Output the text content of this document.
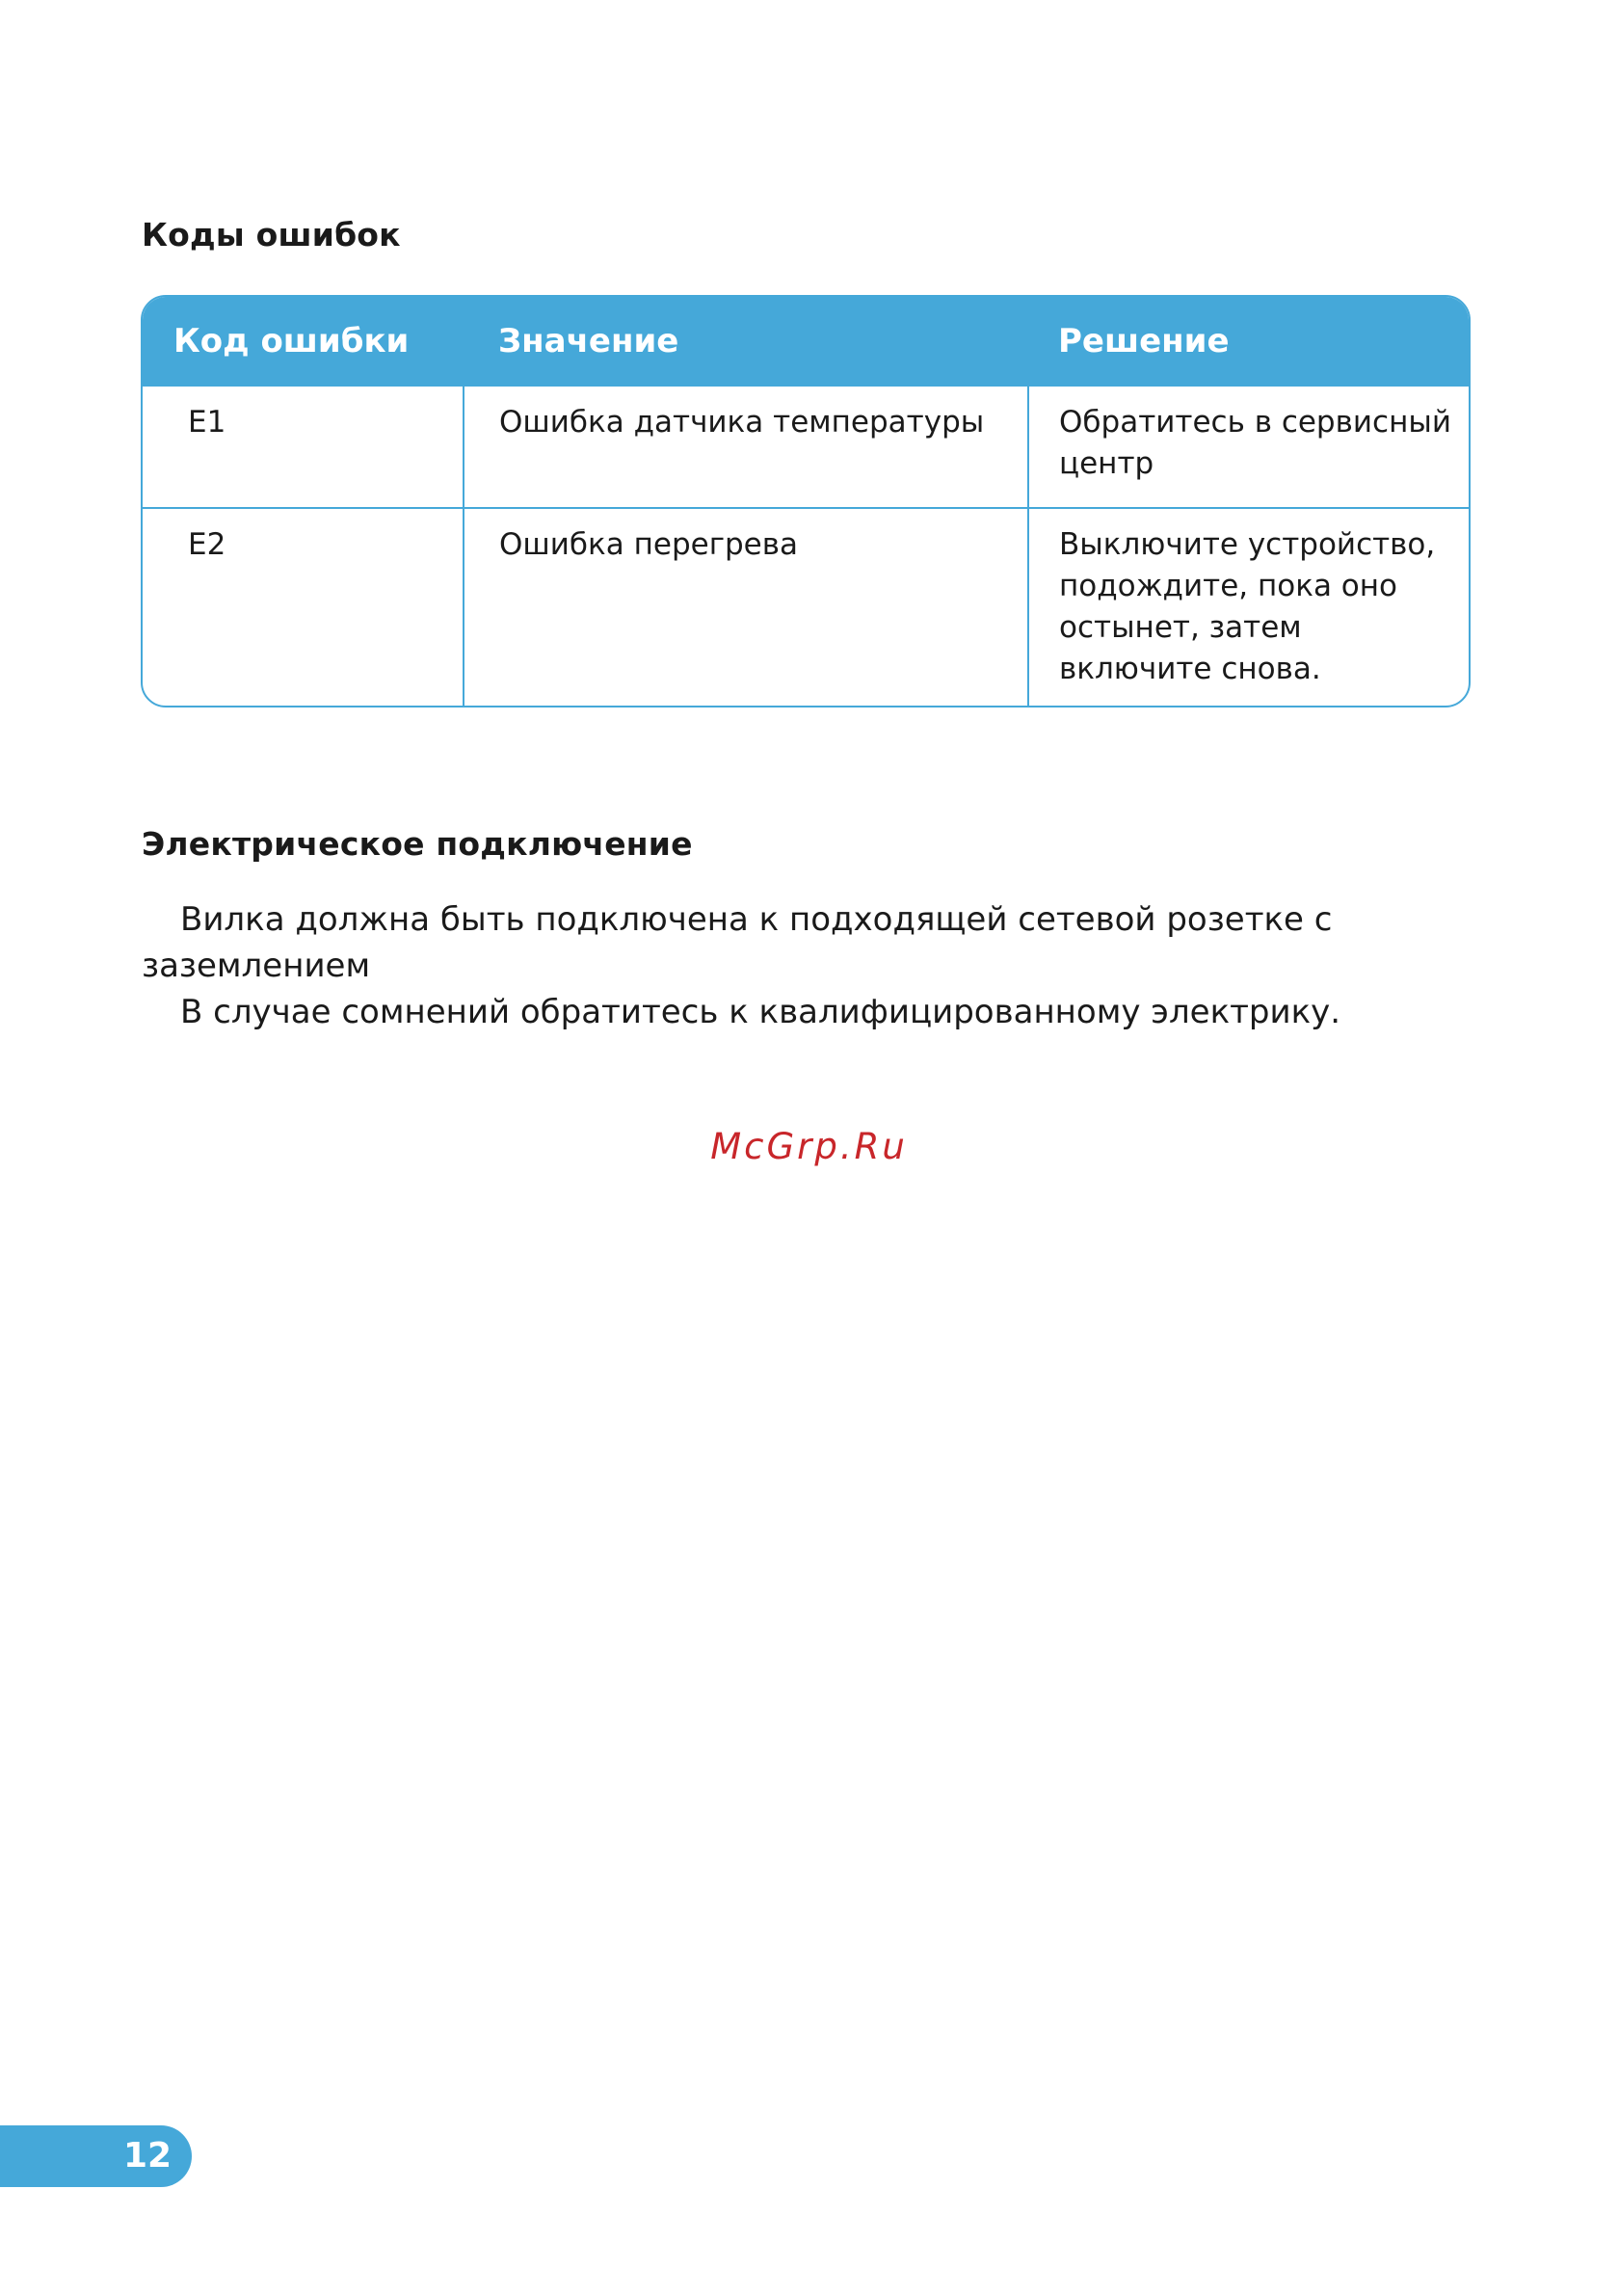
Коды ошибок
Код ошибки	Значение	Решение
E1	Ошибка датчика температуры	Обратитесь в сервисный центр
E2	Ошибка перегрева	Выключите устройство, подождите, пока оно остынет, затем включите снова.
Электрическое подключение

Вилка должна быть подключена к подходящей сетевой розетке с заземлением

В случае сомнений обратитесь к квалифицированному электрику.

McGrp.Ru
12
